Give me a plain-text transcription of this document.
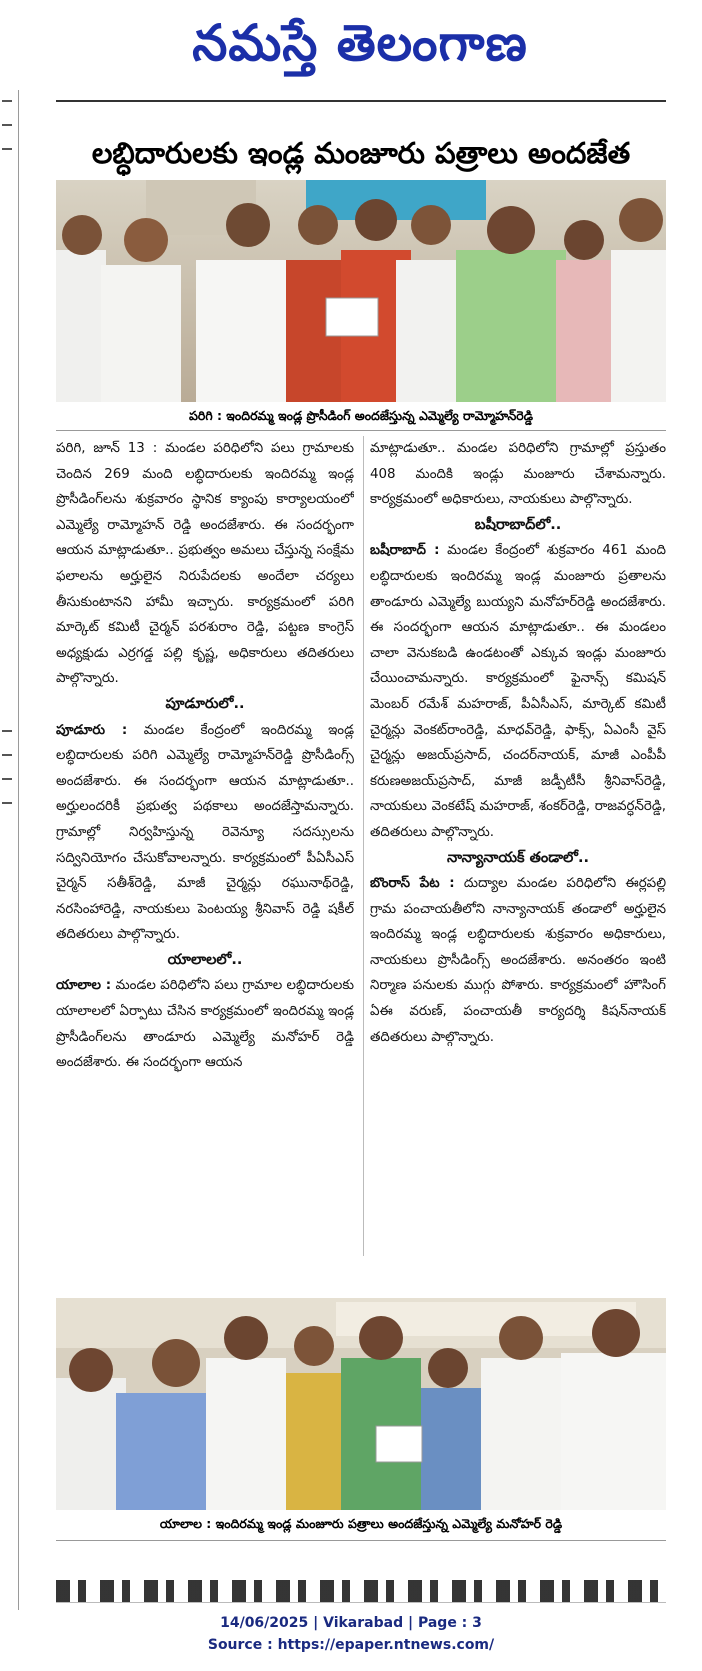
నమస్తే తెలంగాణ
లబ్ధిదారులకు ఇండ్ల మంజూరు పత్రాలు అందజేత
పరిగి : ఇందిరమ్మ ఇండ్ల ప్రొసీడింగ్ అందజేస్తున్న ఎమ్మెల్యే రామ్మోహన్‌రెడ్డి

పరిగి, జూన్ 13 : మండల పరిధిలోని పలు గ్రామాలకు చెందిన 269 మంది లబ్ధిదారులకు ఇందిరమ్మ ఇండ్ల ప్రొసీడింగ్‌లను శుక్రవారం స్థానిక క్యాంపు కార్యాలయంలో ఎమ్మెల్యే రామ్మోహన్ రెడ్డి అందజేశారు. ఈ సందర్భంగా ఆయన మాట్లాడుతూ.. ప్రభుత్వం అమలు చేస్తున్న సంక్షేమ ఫలాలను అర్హులైన నిరుపేదలకు అందేలా చర్యలు తీసుకుంటానని హామీ ఇచ్చారు. కార్యక్రమంలో పరిగి మార్కెట్ కమిటీ చైర్మన్ పరశురాం రెడ్డి, పట్టణ కాంగ్రెస్ అధ్యక్షుడు ఎర్రగడ్డ పల్లి కృష్ణ, అధికారులు తదితరులు పాల్గొన్నారు.

పూడూరులో..

పూడూరు : మండల కేంద్రంలో ఇందిరమ్మ ఇండ్ల లబ్ధిదారులకు పరిగి ఎమ్మెల్యే రామ్మోహన్‌రెడ్డి ప్రొసీడింగ్స్ అందజేశారు. ఈ సందర్భంగా ఆయన మాట్లాడుతూ.. అర్హులందరికీ ప్రభుత్వ పథకాలు అందజేస్తామన్నారు. గ్రామాల్లో నిర్వహిస్తున్న రెవెన్యూ సదస్సులను సద్వినియోగం చేసుకోవాలన్నారు. కార్యక్రమంలో పీఏసీఎస్ చైర్మన్ సతీశ్‌రెడ్డి, మాజీ చైర్మన్లు రఘునాథ్‌రెడ్డి, నరసింహారెడ్డి, నాయకులు పెంటయ్య శ్రీనివాస్ రెడ్డి షకీల్ తదితరులు పాల్గొన్నారు.

యాలాలలో..

యాలాల : మండల పరిధిలోని పలు గ్రామాల లబ్ధిదారులకు యాలాలలో ఏర్పాటు చేసిన కార్యక్రమంలో ఇందిరమ్మ ఇండ్ల ప్రొసీడింగ్‌లను తాండూరు ఎమ్మెల్యే మనోహర్ రెడ్డి అందజేశారు. ఈ సందర్భంగా ఆయన

మాట్లాడుతూ.. మండల పరిధిలోని గ్రామాల్లో ప్రస్తుతం 408 మందికి ఇండ్లు మంజూరు చేశామన్నారు. కార్యక్రమంలో అధికారులు, నాయకులు పాల్గొన్నారు.

బషీరాబాద్‌లో..

బషీరాబాద్ : మండల కేంద్రంలో శుక్రవారం 461 మంది లబ్ధిదారులకు ఇందిరమ్మ ఇండ్ల మంజూరు ప్రతాలను తాండూరు ఎమ్మెల్యే బుయ్యని మనోహర్‌రెడ్డి అందజేశారు. ఈ సందర్భంగా ఆయన మాట్లాడుతూ.. ఈ మండలం చాలా వెనుకబడి ఉండటంతో ఎక్కువ ఇండ్లు మంజూరు చేయించామన్నారు. కార్యక్రమంలో ఫైనాన్స్ కమిషన్ మెంబర్ రమేశ్ మహరాజ్, పీఏసీఎస్, మార్కెట్ కమిటీ చైర్మన్లు వెంకట్‌రాంరెడ్డి, మాధవ్‌రెడ్డి, ఫాక్స్, ఏఎంసీ వైస్ చైర్మన్లు అజయ్‌ప్రసాద్, చందర్‌నాయక్, మాజీ ఎంపీపీ కరుణఅజయ్‌ప్రసాద్, మాజీ జడ్పీటీసీ శ్రీనివాస్‌రెడ్డి, నాయకులు వెంకటేష్ మహరాజ్, శంకర్‌రెడ్డి, రాజవర్ధన్‌రెడ్డి, తదితరులు పాల్గొన్నారు.

నాన్యానాయక్ తండాలో..

బొంరాస్ పేట : దుద్యాల మండల పరిధిలోని ఈర్లపల్లి గ్రామ పంచాయతీలోని నాన్యానాయక్ తండాలో అర్హులైన ఇందిరమ్మ ఇండ్ల లబ్ధిదారులకు శుక్రవారం అధికారులు, నాయకులు ప్రొసీడింగ్స్ అందజేశారు. అనంతరం ఇంటి నిర్మాణ పనులకు ముగ్గు పోశారు. కార్యక్రమంలో హౌసింగ్ ఏఈ వరుణ్, పంచాయతీ కార్యదర్శి కిషన్‌నాయక్ తదితరులు పాల్గొన్నారు.

యాలాల : ఇందిరమ్మ ఇండ్ల మంజూరు పత్రాలు అందజేస్తున్న ఎమ్మెల్యే మనోహర్ రెడ్డి
14/06/2025 | Vikarabad | Page : 3
Source : https://epaper.ntnews.com/
